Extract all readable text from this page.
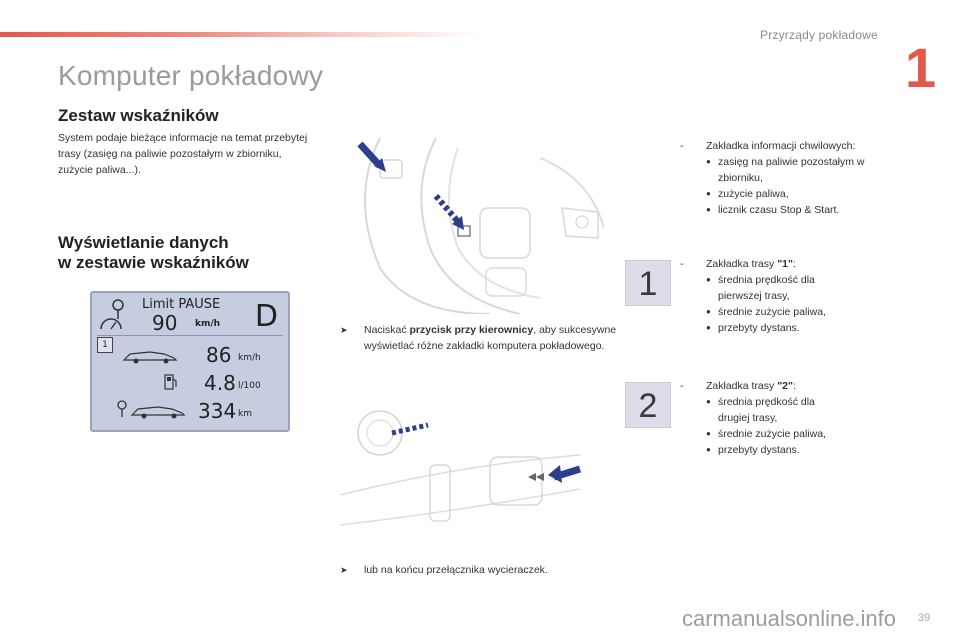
Przyrządy pokładowe
1
Komputer pokładowy
Zestaw wskaźników
System podaje bieżące informacje na temat przebytej trasy (zasięg na paliwie pozostałym w zbiorniku, zużycie paliwa...).
Wyświetlanie danych
w zestawie wskaźników
Limit PAUSE
90 km/h D
1	86 km/h
4.8 l/100
334 km
➤ Naciskać przycisk przy kierownicy, aby sukcesywne wyświetlać różne zakładki komputera pokładowego.
➤ lub na końcu przełącznika wycieraczek.
- Zakładka informacji chwilowych:
● zasięg na paliwie pozostałym w zbiorniku,
● zużycie paliwa,
● licznik czasu Stop & Start.
1
- Zakładka trasy "1":
● średnia prędkość dla pierwszej trasy,
● średnie zużycie paliwa,
● przebyty dystans.
2
- Zakładka trasy "2":
● średnia prędkość dla drugiej trasy,
● średnie zużycie paliwa,
● przebyty dystans.
carmanualsonline.info 39
